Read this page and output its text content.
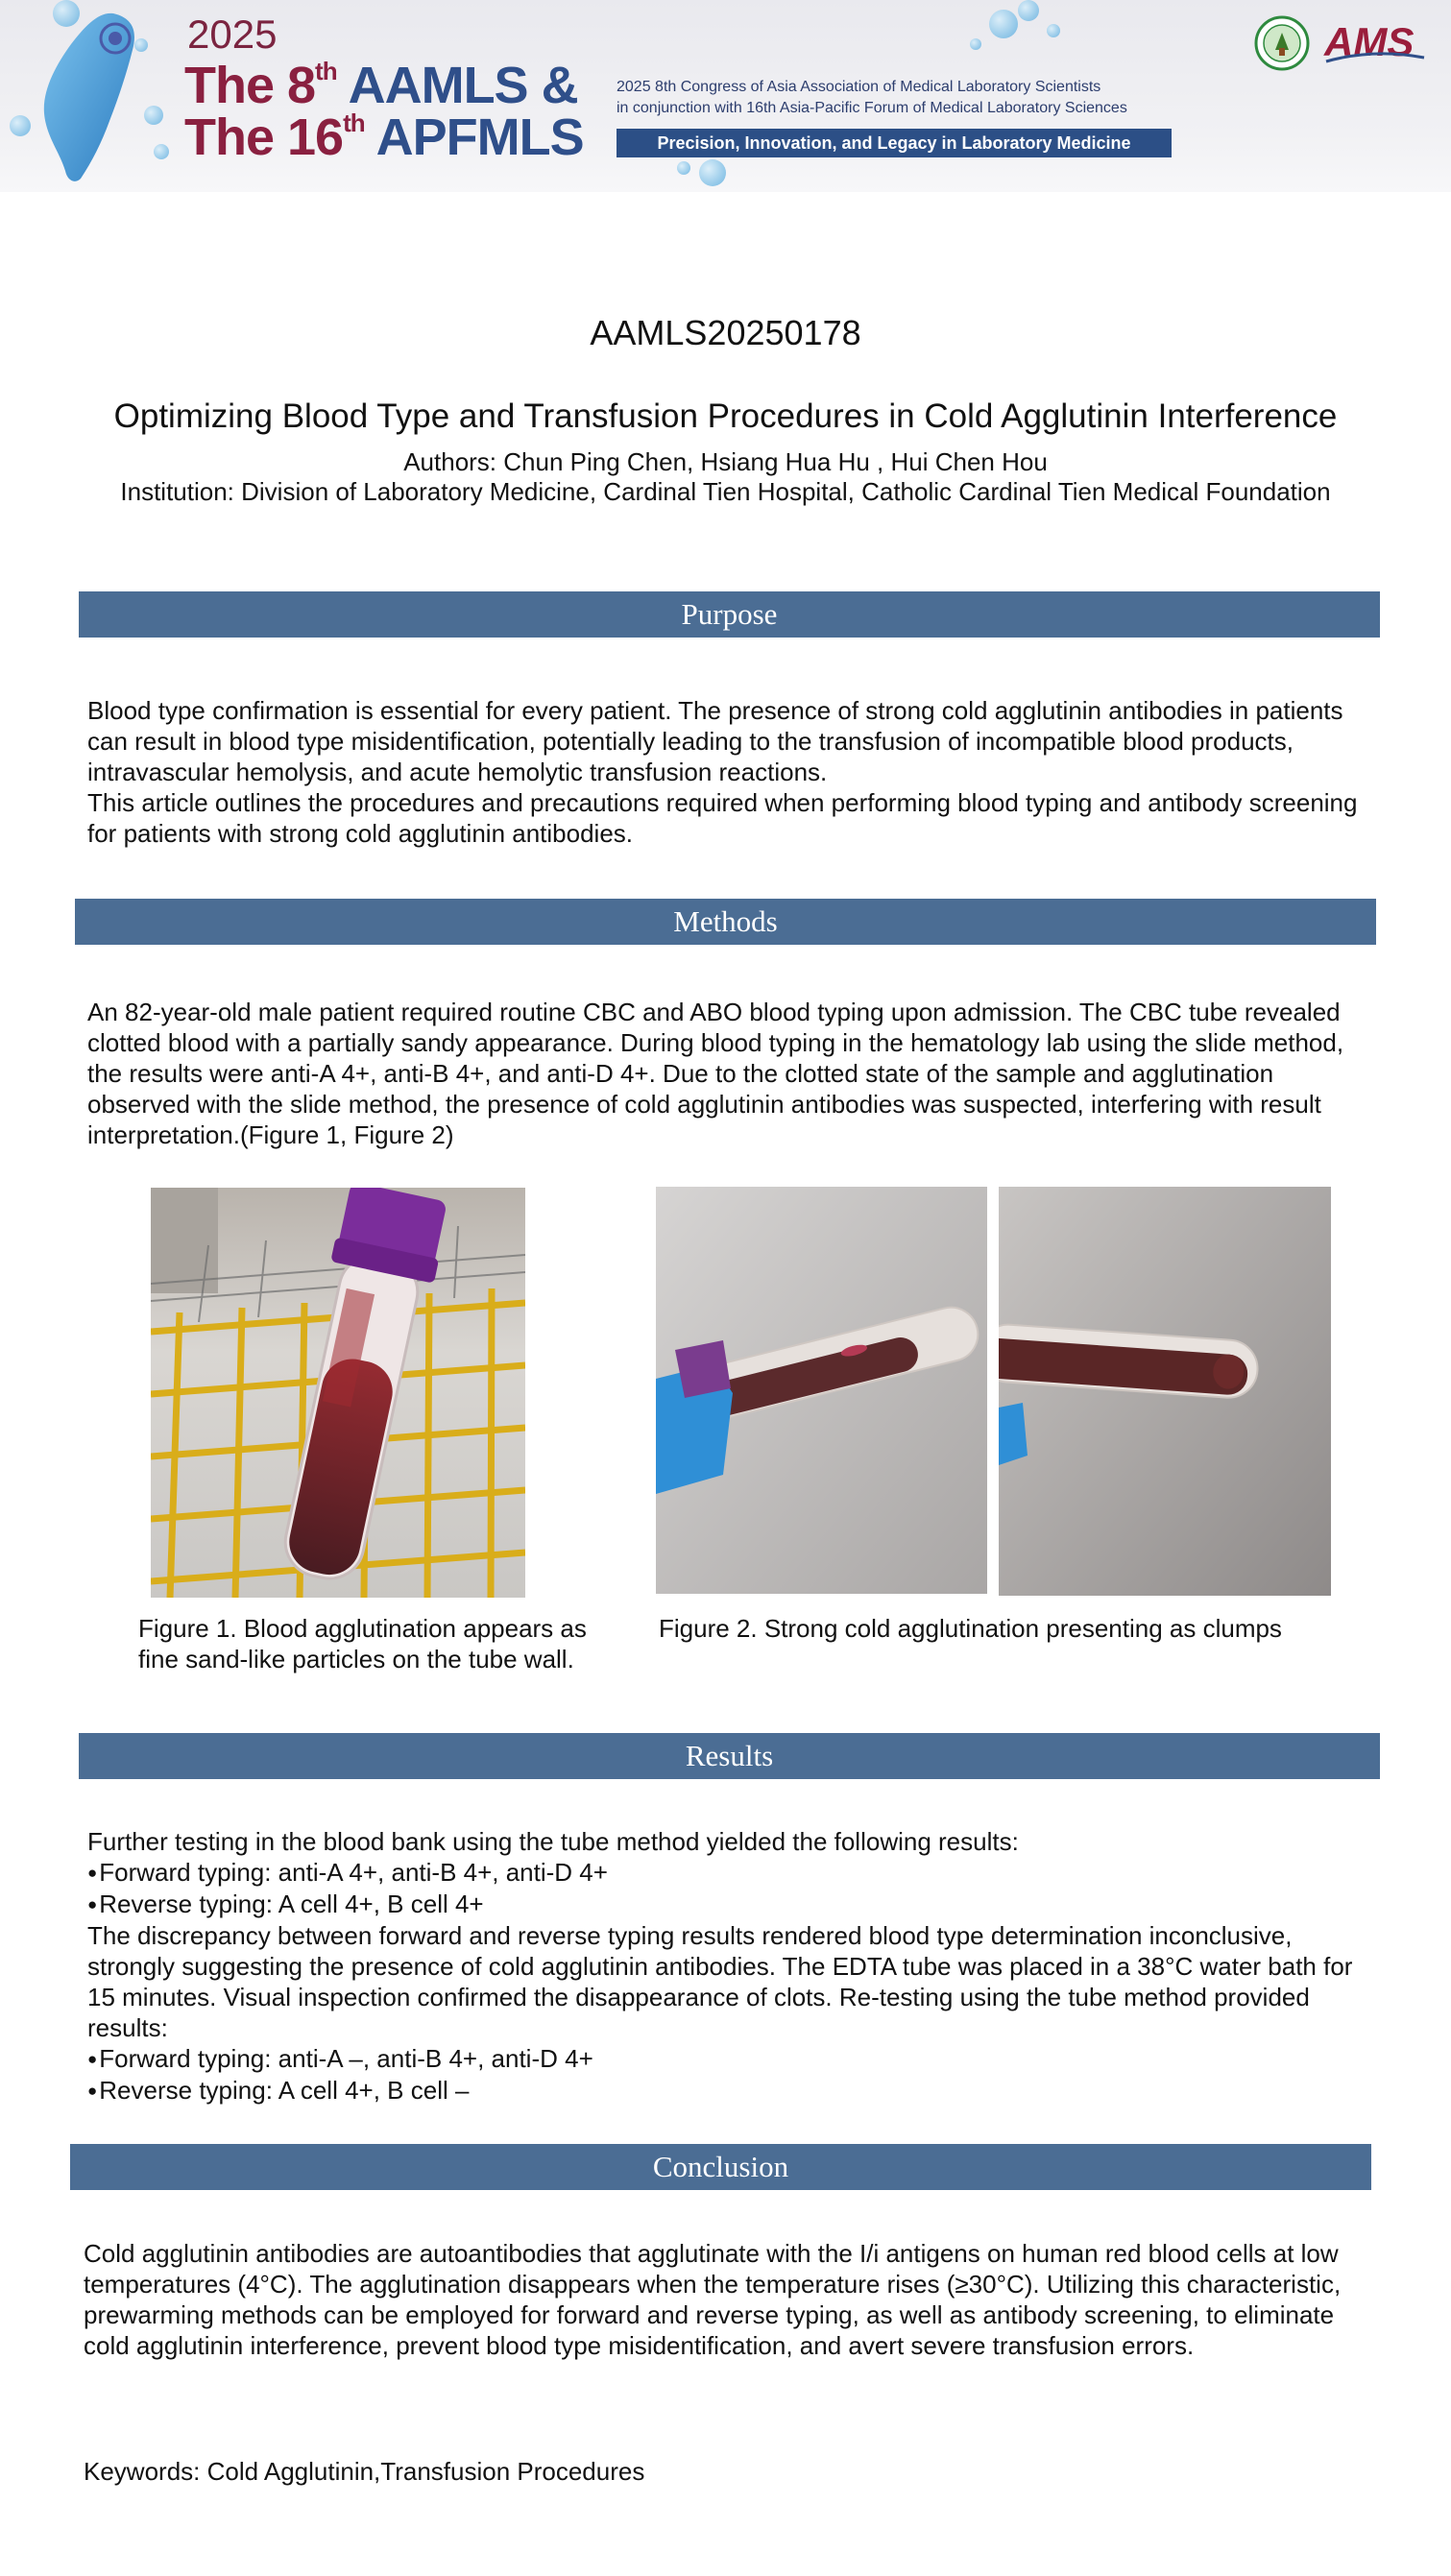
2025
The 8th AAMLS &
The 16th APFMLS
2025 8th Congress of Asia Association of Medical Laboratory Scientists
in conjunction with 16th Asia-Pacific Forum of Medical Laboratory Sciences
Precision, Innovation, and Legacy in Laboratory Medicine
AMS
AAMLS20250178
Optimizing Blood Type and Transfusion Procedures in Cold Agglutinin Interference
Authors: Chun Ping Chen, Hsiang Hua Hu , Hui Chen Hou
Institution: Division of Laboratory Medicine, Cardinal Tien Hospital, Catholic Cardinal Tien Medical Foundation
Purpose

Blood type confirmation is essential for every patient. The presence of strong cold agglutinin antibodies in patients can result in blood type misidentification, potentially leading to the transfusion of incompatible blood products, intravascular hemolysis, and acute hemolytic transfusion reactions.

This article outlines the procedures and precautions required when performing blood typing and antibody screening for patients with strong cold agglutinin antibodies.

Methods

An 82-year-old male patient required routine CBC and ABO blood typing upon admission. The CBC tube revealed clotted blood with a partially sandy appearance. During blood typing in the hematology lab using the slide method, the results were anti-A 4+, anti-B 4+, and anti-D 4+. Due to the clotted state of the sample and agglutination observed with the slide method, the presence of cold agglutinin antibodies was suspected, interfering with result interpretation.(Figure 1, Figure 2)

Figure 1. Blood agglutination appears as fine sand-like particles on the tube wall.
Figure 2. Strong cold agglutination presenting as clumps
Results

Further testing in the blood bank using the tube method yielded the following results:

● Forward typing: anti-A 4+, anti-B 4+, anti-D 4+

● Reverse typing: A cell 4+, B cell 4+

The discrepancy between forward and reverse typing results rendered blood type determination inconclusive, strongly suggesting the presence of cold agglutinin antibodies. The EDTA tube was placed in a 38°C water bath for 15 minutes. Visual inspection confirmed the disappearance of clots. Re-testing using the tube method provided results:

● Forward typing: anti-A –, anti-B 4+, anti-D 4+

● Reverse typing: A cell 4+, B cell –

Conclusion

Cold agglutinin antibodies are autoantibodies that agglutinate with the I/i antigens on human red blood cells at low temperatures (4°C). The agglutination disappears when the temperature rises (≥30°C). Utilizing this characteristic, prewarming methods can be employed for forward and reverse typing, as well as antibody screening, to eliminate cold agglutinin interference, prevent blood type misidentification, and avert severe transfusion errors.

Keywords: Cold Agglutinin,Transfusion Procedures
